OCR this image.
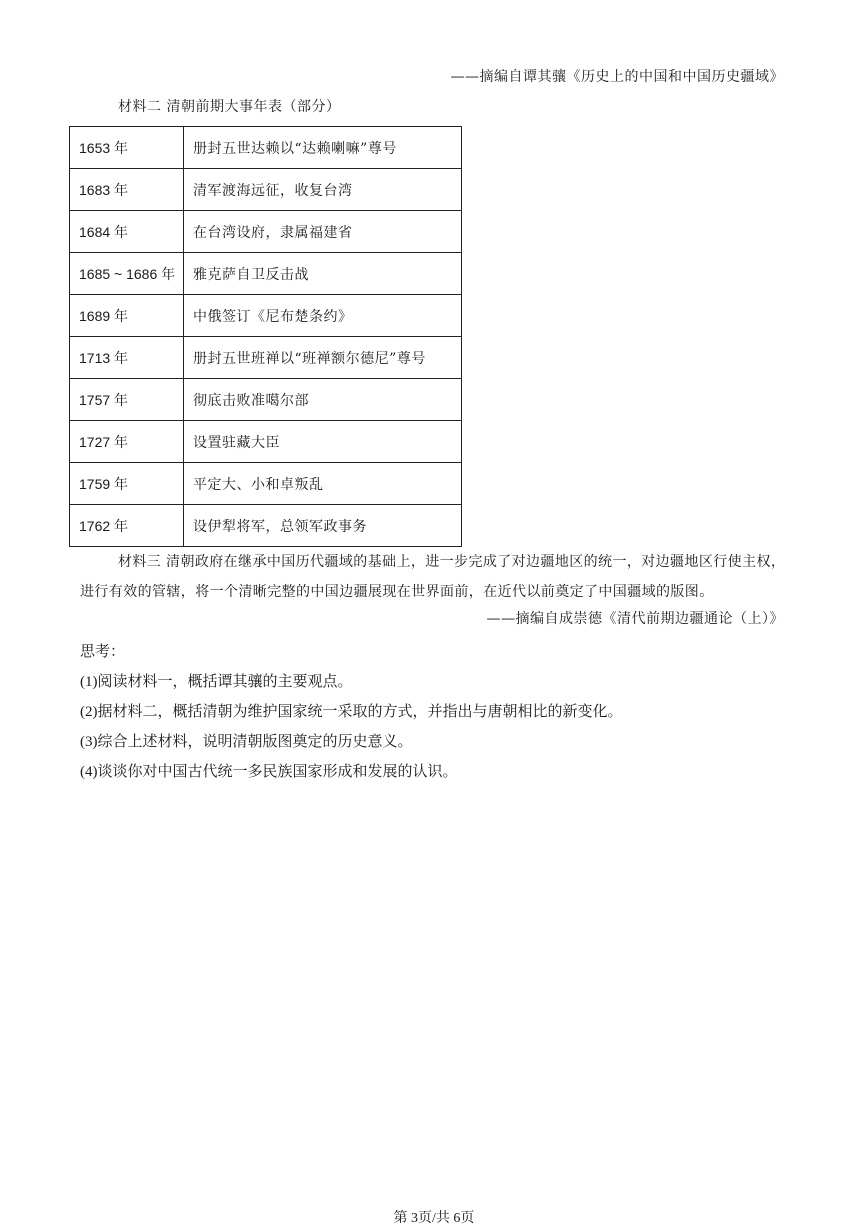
——摘编自谭其骧《历史上的中国和中国历史疆域》
材料二 清朝前期大事年表（部分）
1653 年	册封五世达赖以“达赖喇嘛”尊号
1683 年	清军渡海远征，收复台湾
1684 年	在台湾设府，隶属福建省
1685 ~ 1686 年	雅克萨自卫反击战
1689 年	中俄签订《尼布楚条约》
1713 年	册封五世班禅以“班禅额尔德尼”尊号
1757 年	彻底击败准噶尔部
1727 年	设置驻藏大臣
1759 年	平定大、小和卓叛乱
1762 年	设伊犁将军，总领军政事务
材料三 清朝政府在继承中国历代疆域的基础上，进一步完成了对边疆地区的统一，对边疆地区行使主权，进行有效的管辖，将一个清晰完整的中国边疆展现在世界面前，在近代以前奠定了中国疆域的版图。
——摘编自成崇德《清代前期边疆通论（上）》
思考：
(1)阅读材料一，概括谭其骧的主要观点。
(2)据材料二，概括清朝为维护国家统一采取的方式，并指出与唐朝相比的新变化。
(3)综合上述材料，说明清朝版图奠定的历史意义。
(4)谈谈你对中国古代统一多民族国家形成和发展的认识。
第 3页/共 6页
